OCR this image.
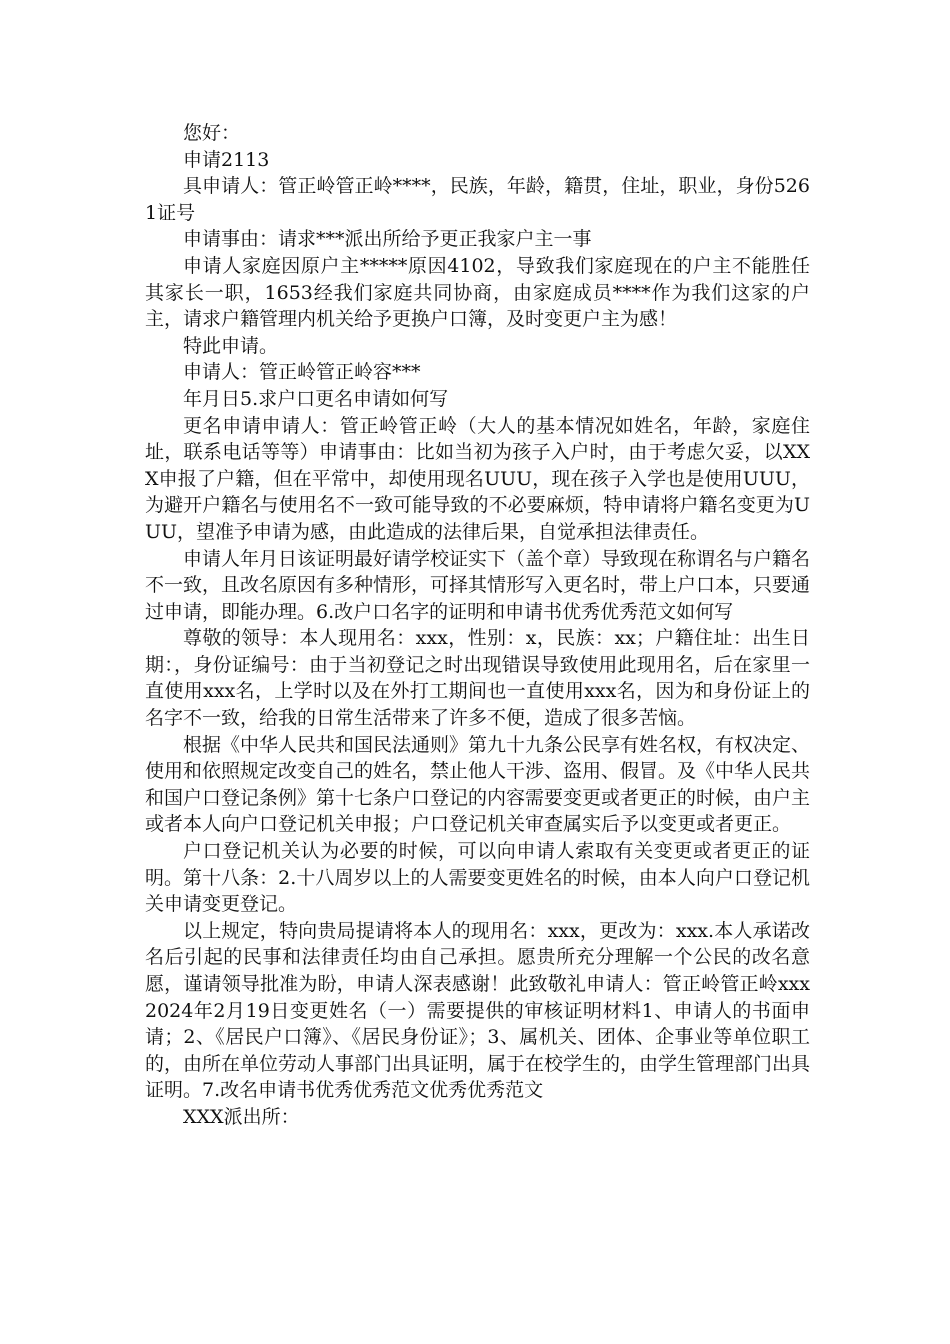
您好：

申请2113

具申请人：管正岭管正岭****，民族，年龄，籍贯，住址，职业，身份5261证号

申请事由：请求***派出所给予更正我家户主一事

申请人家庭因原户主*****原因4102，导致我们家庭现在的户主不能胜任其家长一职，1653经我们家庭共同协商，由家庭成员****作为我们这家的户主，请求户籍管理内机关给予更换户口簿，及时变更户主为感！

特此申请。

申请人：管正岭管正岭容***

年月日5.求户口更名申请如何写

更名申请申请人：管正岭管正岭（大人的基本情况如姓名，年龄，家庭住址，联系电话等等）申请事由：比如当初为孩子入户时，由于考虑欠妥，以XXX申报了户籍，但在平常中，却使用现名UUU，现在孩子入学也是使用UUU，为避开户籍名与使用名不一致可能导致的不必要麻烦，特申请将户籍名变更为UUU，望准予申请为感，由此造成的法律后果，自觉承担法律责任。

申请人年月日该证明最好请学校证实下（盖个章）导致现在称谓名与户籍名不一致，且改名原因有多种情形，可择其情形写入更名时，带上户口本，只要通过申请，即能办理。6.改户口名字的证明和申请书优秀优秀范文如何写

尊敬的领导：本人现用名：xxx，性别：x，民族：xx；户籍住址：出生日期：，身份证编号：由于当初登记之时出现错误导致使用此现用名，后在家里一直使用xxx名，上学时以及在外打工期间也一直使用xxx名，因为和身份证上的名字不一致，给我的日常生活带来了许多不便，造成了很多苦恼。

根据《中华人民共和国民法通则》第九十九条公民享有姓名权，有权决定、使用和依照规定改变自己的姓名，禁止他人干涉、盗用、假冒。及《中华人民共和国户口登记条例》第十七条户口登记的内容需要变更或者更正的时候，由户主或者本人向户口登记机关申报；户口登记机关审查属实后予以变更或者更正。

户口登记机关认为必要的时候，可以向申请人索取有关变更或者更正的证明。第十八条：2.十八周岁以上的人需要变更姓名的时候，由本人向户口登记机关申请变更登记。

以上规定，特向贵局提请将本人的现用名：xxx，更改为：xxx.本人承诺改名后引起的民事和法律责任均由自己承担。愿贵所充分理解一个公民的改名意愿，谨请领导批准为盼，申请人深表感谢！此致敬礼申请人：管正岭管正岭xxx2024年2月19日变更姓名（一）需要提供的审核证明材料1、申请人的书面申请；2、《居民户口簿》、《居民身份证》；3、属机关、团体、企事业等单位职工的，由所在单位劳动人事部门出具证明，属于在校学生的，由学生管理部门出具证明。7.改名申请书优秀优秀范文优秀优秀范文

XXX派出所：
